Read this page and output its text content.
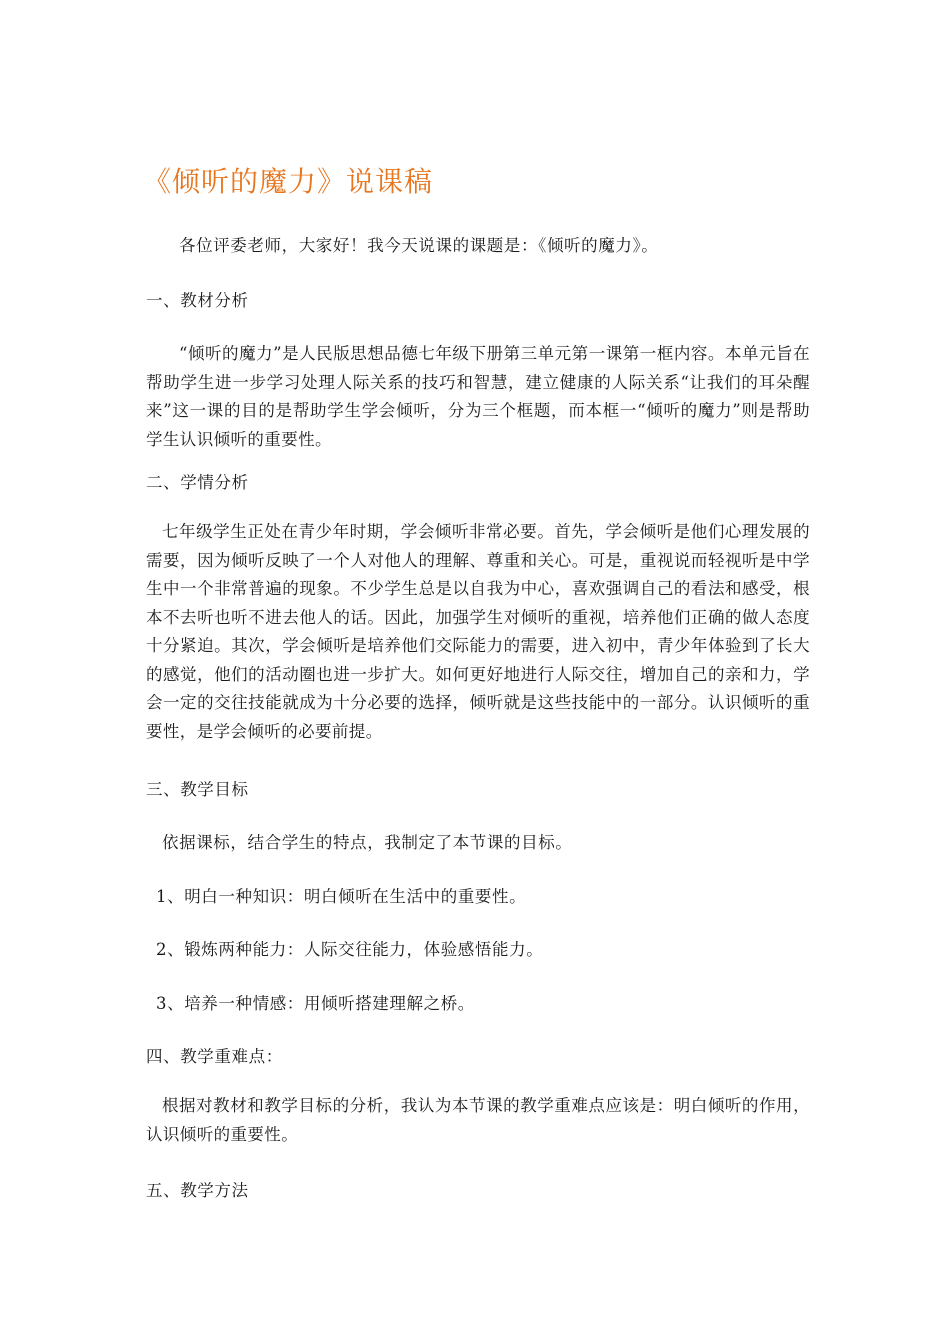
《倾听的魔力》说课稿
各位评委老师，大家好！我今天说课的课题是：《倾听的魔力》。
一、教材分析
“倾听的魔力”是人民版思想品德七年级下册第三单元第一课第一框内容。本单元旨在帮助学生进一步学习处理人际关系的技巧和智慧，建立健康的人际关系“让我们的耳朵醒来”这一课的目的是帮助学生学会倾听，分为三个框题，而本框一“倾听的魔力”则是帮助学生认识倾听的重要性。
二、学情分析
七年级学生正处在青少年时期，学会倾听非常必要。首先，学会倾听是他们心理发展的需要，因为倾听反映了一个人对他人的理解、尊重和关心。可是，重视说而轻视听是中学生中一个非常普遍的现象。不少学生总是以自我为中心，喜欢强调自己的看法和感受，根本不去听也听不进去他人的话。因此，加强学生对倾听的重视，培养他们正确的做人态度十分紧迫。其次，学会倾听是培养他们交际能力的需要，进入初中，青少年体验到了长大的感觉，他们的活动圈也进一步扩大。如何更好地进行人际交往，增加自己的亲和力，学会一定的交往技能就成为十分必要的选择，倾听就是这些技能中的一部分。认识倾听的重要性，是学会倾听的必要前提。
三、教学目标
依据课标，结合学生的特点，我制定了本节课的目标。
1、明白一种知识：明白倾听在生活中的重要性。
2、锻炼两种能力：人际交往能力，体验感悟能力。
3、培养一种情感：用倾听搭建理解之桥。
四、教学重难点：
根据对教材和教学目标的分析，我认为本节课的教学重难点应该是：明白倾听的作用，认识倾听的重要性。
五、教学方法
